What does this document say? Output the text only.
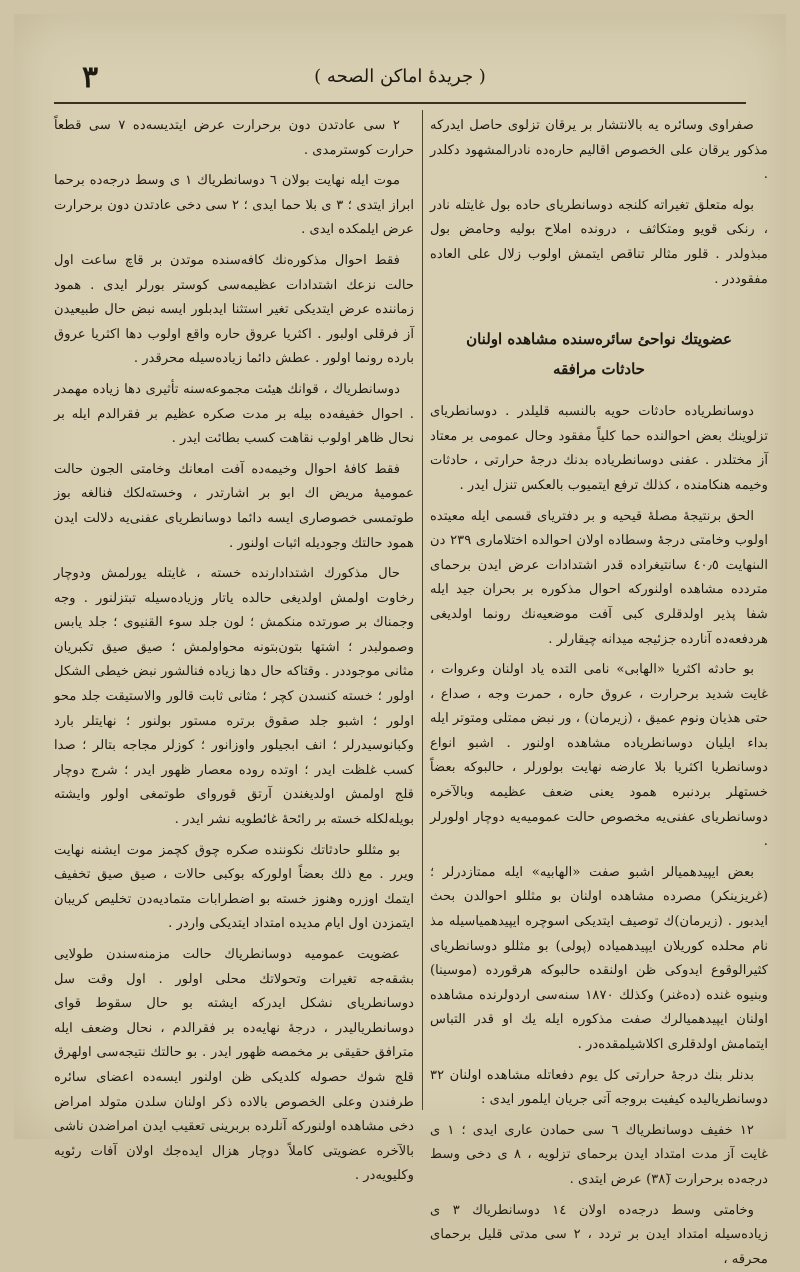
٣	( جريدهٔ اماكن الصحه )

صفراوى وسائره يه بالانتشار بر يرقان تزلوى حاصل ايدركه مذكور يرقان على الخصوص اقاليم حاره‌ده نادرالمشهود دكلدر .

بوله متعلق تغيراته كلنجه دوسانطرياى حاده بول غايتله نادر ، رنكى قويو ومتكاثف ، درونده املاح بوليه وحامض بول مبذولدر . قلور مثالر تناقص ايتمش اولوب زلال على العاده مفقوددر .

عضويتك نواحئ سائره‌سنده مشاهده اولنان
حادثات مرافقه

دوسانطرياده حادثات حويه بالنسبه قليلدر . دوسانطرياى تزلوينك بعض احوالنده حما كلياً مفقود وحال عمومى بر معتاد آز مختلدر . عفنى دوسانطرياده بدنك درجهٔ حرارتى ، حادثات وخيمه هنكامنده ، كذلك ترفع ايتميوب بالعكس تنزل ايدر .

الحق برنتيجهٔ مصلهٔ قيحيه و بر دفترياى قسمى ايله معيتده اولوب وخامتى درجهٔ وسطاده اولان احوالده اختلامارى ٢٣٩ دن الىنهايت ٤٠٫٥ سانتيغراده قدر اشتدادات عرض ايدن برحماى متردده مشاهده اولنوركه احوال مذكوره بر بحران جيد ايله شفا پذير اولدقلرى كبى آفت موضعيه‌نك رونما اولديغى هردفعه‌ده آنارده جزئيجه ميدانه چيقارلر .

بو حادثه اكثريا «الهابى» نامى التده ياد اولنان وعروات ، غايت شديد برحرارت ، عروق حاره ، حمرت وجه ، صداع ، حتى هذيان ونوم عميق ، (زيرمان) ، ور نبض ممتلى ومتوتر ايله بداء ايليان دوسانطرياده مشاهده اولنور . اشبو انواع دوسانطريا اكثريا بلا عارضه نهايت بولورلر ، حالبوكه بعضاً خستهلر بردنبره همود يعنى ضعف عظيمه وبالآخره دوسانطرياى عفنى‌يه مخصوص حالت عموميه‌يه دوچار اولورلر .

بعض ايپيدهميالر اشبو صفت «الهابيه» ايله ممتازدرلر ؛ (غريزينكر) مصرده مشاهده اولنان بو مثللو احوالدن بحث ايدبور . (زيرمان)ك توصيف ايتديكى اسوچره ايپيدهميا‌سيله مذ نام محلده كوريلان ايپيدهميا‌ده (پولى) بو مثللو دوسانطرياى كثيرالوقوع ايدوكى ظن اولنقده حالبوكه هرقورده (موسينا) وبنيوه غنده (ده‌غنر) وكذلك ١٨٧٠ سنه‌سى اردولرنده مشاهده اولنان ايپيدهميالرك صفت مذكوره ايله يك او قدر التباس ايتمامش اولدقلرى اكلاشيلمقده‌در .

بدنلر بنك درجهٔ حرارتى كل يوم دفعاتله مشاهده اولنان ٣٢ دوسانطرياليده كيفيت بروجه آتى جريان ايلمور ايدى :

١٢ خفيف دوسانطرياك ٦ سى حمادن عارى ايدى ؛ ١ ى غايت آز مدت امتداد ايدن برحماى تزلويه ، ٨ ى دخى وسط درجه‌ده برحرارت (٣٨ٓ) عرض ايتدى .

وخامتى وسط درجه‌ده اولان ١٤ دوسانطرياك ٣ ى زياده‌سيله امتداد ايدن بر تردد ، ٢ سى مدتى قليل برحماى محرقه ،

٢ سى عادتدن دون برحرارت عرض ايتديسه‌ده ٧ سى قطعاً حرارت كوسترمدى .

موت ايله نهايت بولان ٦ دوسانطرياك ١ ى وسط درجه‌ده برحما ابراز ايتدى ؛ ٣ ى بلا حما ايدى ؛ ٢ سى دخى عادتدن دون برحرارت عرض ايلمكده ايدى .

فقط احوال مذكوره‌نك كافه‌سنده موتدن بر قاچ ساعت اول حالت نزعك اشتدادات عظيمه‌سى كوستر بورلر ايدى . همود زماننده عرض ايتديكى تغير استثنا ايدبلور ايسه نبض حال طبيعيدن آز فرقلى اولبور . اكثريا عروق حاره واقع اولوب دها اكثريا عروق بارده رونما اولور . عطش دائما زياده‌سيله محرقدر .

دوسانطرياك ، قوانك هيئت مجموعه‌سنه تأثيرى دها زياده مهمدر . احوال خفيفه‌ده بيله بر مدت صكره عظيم بر فقرالدم ايله بر نحال ظاهر اولوب نقاهت كسب بطائت ايدر .

فقط كافهٔ احوال وخيمه‌ده آفت امعانك وخامتى الجون حالت عموميهٔ مريض اك ابو بر اشارتدر ، وخسته‌لكك فنالغه بوز طوتمسى خصوصارى ايسه دائما دوسانطرياى عفنى‌يه دلالت ايدن همود حالتك وجوديله اثبات اولنور .

حال مذكورك اشتدادارنده خسته ، غايتله يورلمش ودوچار رخاوت اولمش اولديغى حالده ياتار وزياده‌سيله تبتزلنور . وجه وجمناك بر صورتده منكمش ؛ لون جلد سوء القنيوى ؛ جلد يابس وصمولبدر ؛ اشتها بتون‌بتونه محواولمش ؛ صيق صيق تكبريان مثانى موجوددر . وقتاكه حال دها زياده فنالشور نبض خيطى الشكل اولور ؛ خسته كنسدن كچر ؛ مثانى ثابت قالور والاستيقت جلد محو اولور ؛ اشبو جلد صقوق برتره مستور بولنور ؛ نهايتلر بارد وكبانوسيدرلر ؛ انف ابجيلور واوزانور ؛ كوزلر مجاجه بتالر ؛ صدا كسب غلظت ايدر ؛ اوتده روده معصار ظهور ايدر ؛ شرج دوچار قلج اولمش اولديغندن آرتق قورواى طوتمغى اولور وايشته بويله‌لكله خسته بر رائحهٔ غائطويه نشر ايدر .

بو مثللو حادثاتك نكوننده صكره چوق كچمز موت ايشنه نهايت ويرر . مع ذلك بعضاً اولوركه بوكبى حالات ، صيق صيق تخفيف ايتمك اوزره وهنوز خسته بو اضطرابات متماديه‌دن تخليص كريبان ايتمزدن اول ايام مديده امتداد ايتديكى واردر .

عضويت عموميه دوسانطرياك حالت مزمنه‌سندن طولايى بشقه‌جه تغيرات وتحولاتك محلى اولور . اول وقت سل دوسانطرياى نشكل ايدركه ايشته بو حال سقوط قواى دوسانطرياليدر ، درجهٔ نهايه‌ده بر فقرالدم ، نحال وضعف ايله مترافق حقيقى بر مخمصه ظهور ايدر . بو حالتك نتيجه‌سى اولهرق قلج شوك حصوله كلديكى ظن اولنور ايسه‌ده اعضاى سائره طرفندن وعلى الخصوص بالاده ذكر اولنان سلدن متولد امراض دخى مشاهده اولنوركه آنلرده بربرينى تعقيب ايدن امراضدن ناشى بالآخره عضويتى كاملاً دوچار هزال ايده‌جك اولان آفات رئويه وكليويه‌در .
